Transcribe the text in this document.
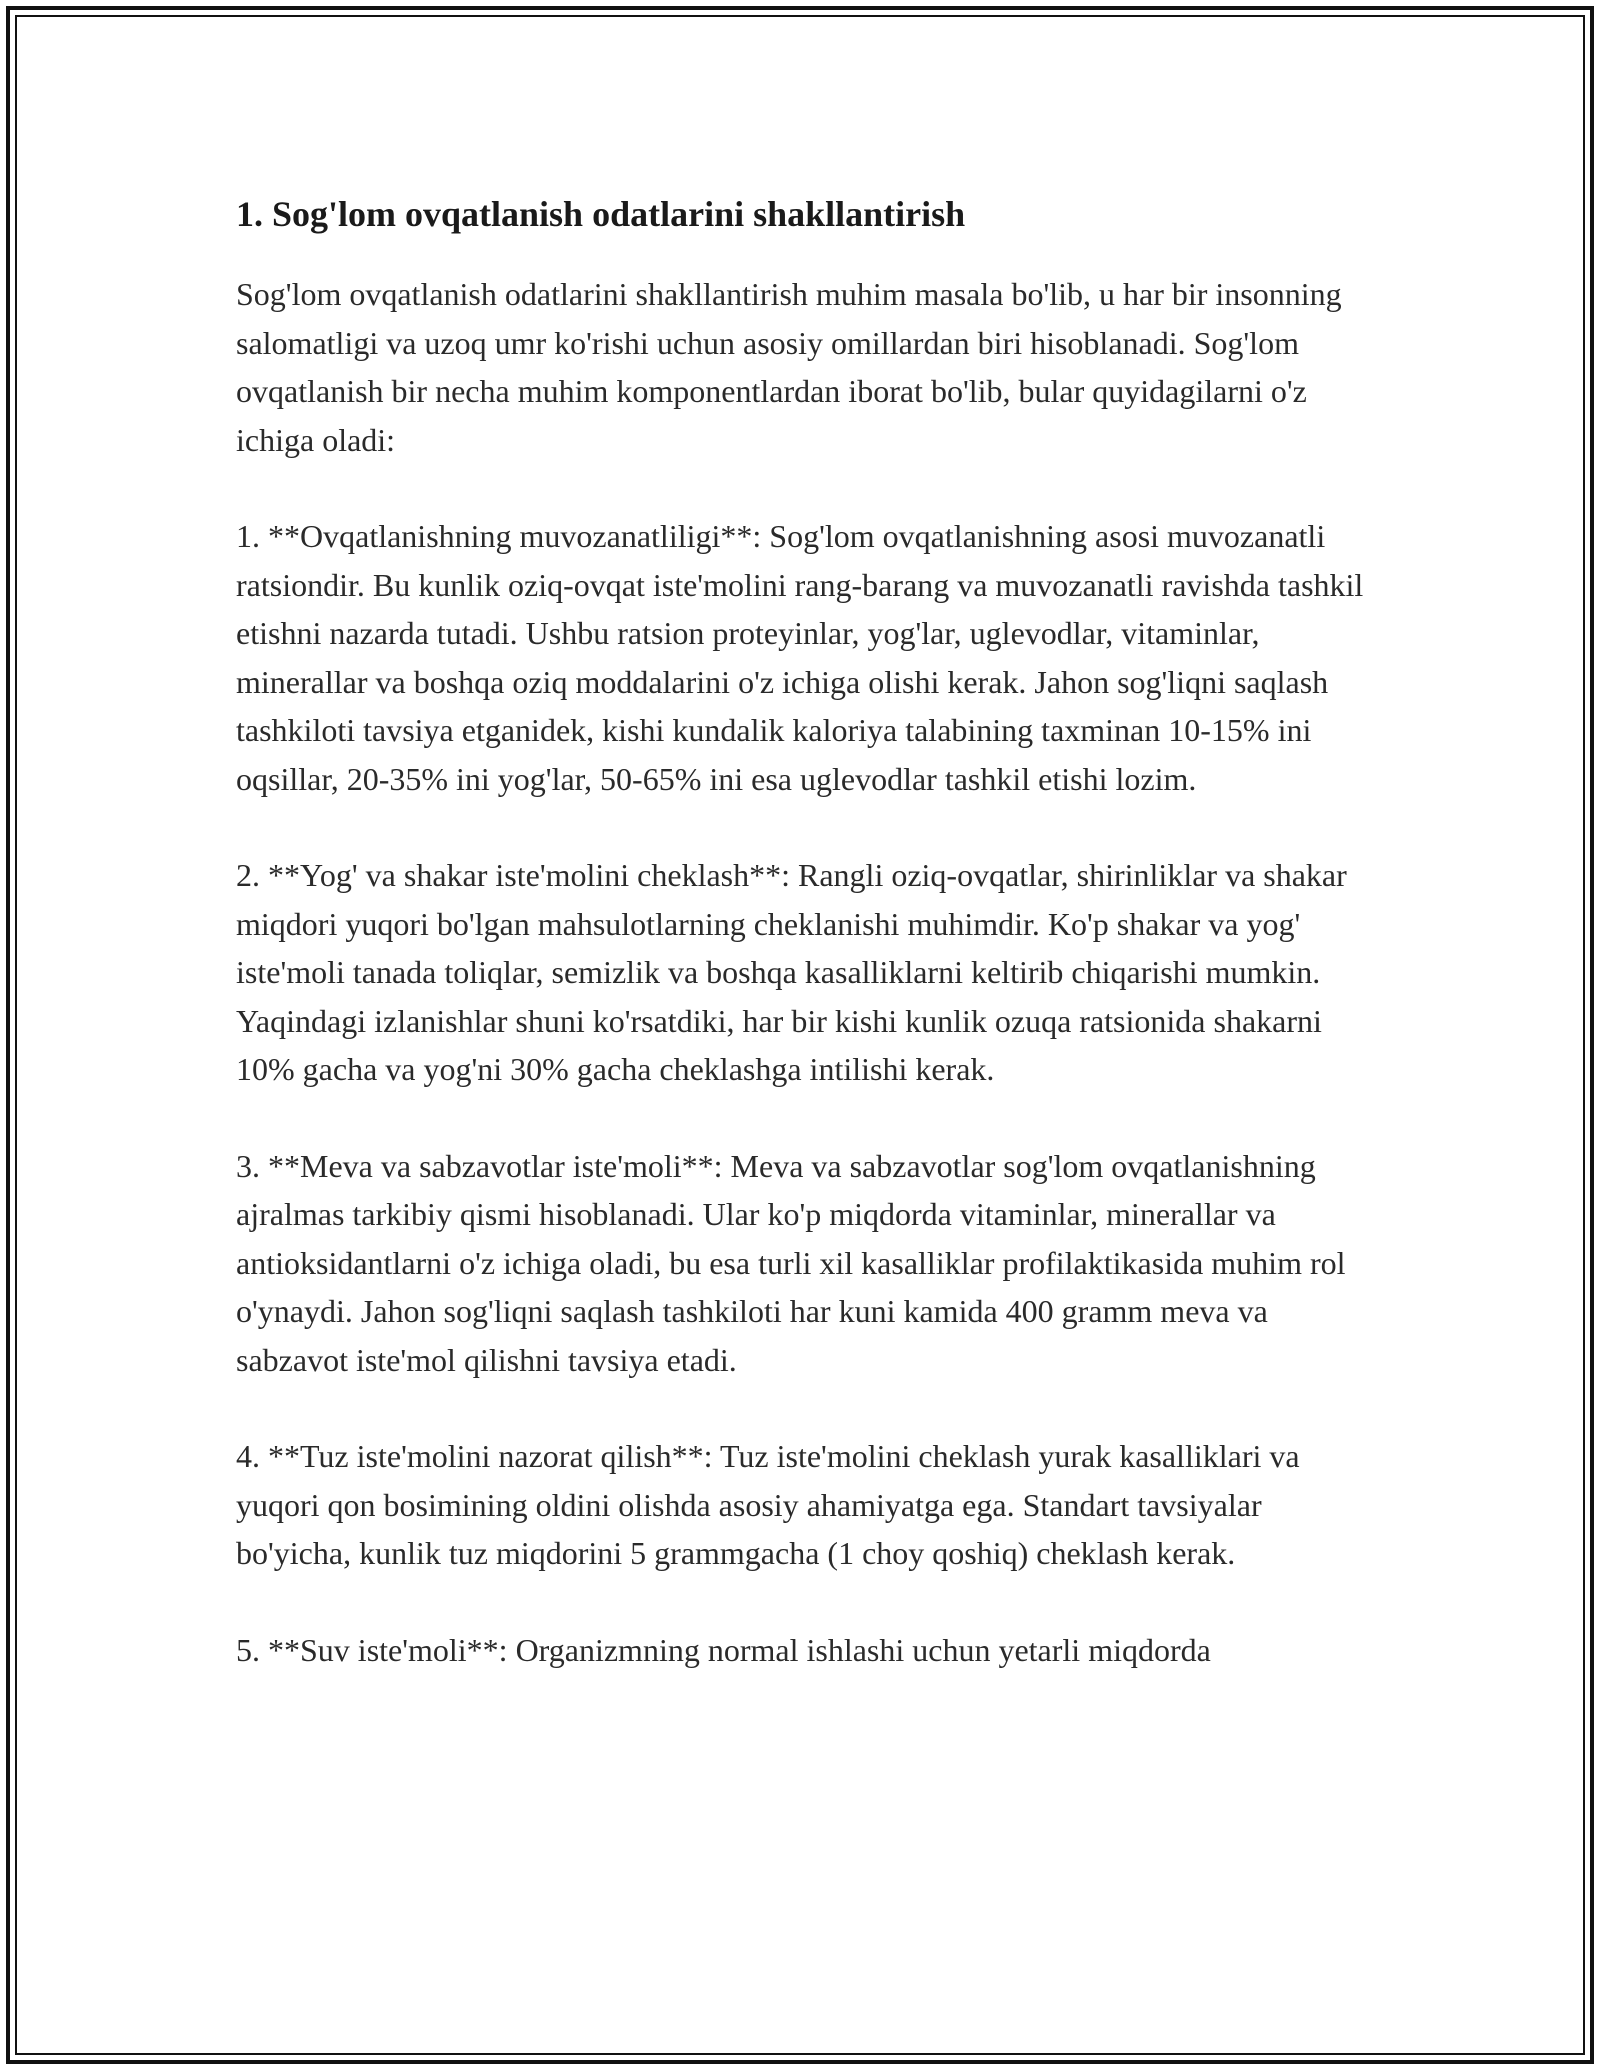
1. Sog'lom ovqatlanish odatlarini shakllantirish

Sog'lom ovqatlanish odatlarini shakllantirish muhim masala bo'lib, u har bir insonning salomatligi va uzoq umr ko'rishi uchun asosiy omillardan biri hisoblanadi. Sog'lom ovqatlanish bir necha muhim komponentlardan iborat bo'lib, bular quyidagilarni o'z ichiga oladi:

1. **Ovqatlanishning muvozanatliligi**: Sog'lom ovqatlanishning asosi muvozanatli ratsiondir. Bu kunlik oziq-ovqat iste'molini rang-barang va muvozanatli ravishda tashkil etishni nazarda tutadi. Ushbu ratsion proteyinlar, yog'lar, uglevodlar, vitaminlar, minerallar va boshqa oziq moddalarini o'z ichiga olishi kerak. Jahon sog'liqni saqlash tashkiloti tavsiya etganidek, kishi kundalik kaloriya talabining taxminan 10-15% ini oqsillar, 20-35% ini yog'lar, 50-65% ini esa uglevodlar tashkil etishi lozim.

2. **Yog' va shakar iste'molini cheklash**: Rangli oziq-ovqatlar, shirinliklar va shakar miqdori yuqori bo'lgan mahsulotlarning cheklanishi muhimdir. Ko'p shakar va yog' iste'moli tanada toliqlar, semizlik va boshqa kasalliklarni keltirib chiqarishi mumkin. Yaqindagi izlanishlar shuni ko'rsatdiki, har bir kishi kunlik ozuqa ratsionida shakarni 10% gacha va yog'ni 30% gacha cheklashga intilishi kerak.

3. **Meva va sabzavotlar iste'moli**: Meva va sabzavotlar sog'lom ovqatlanishning ajralmas tarkibiy qismi hisoblanadi. Ular ko'p miqdorda vitaminlar, minerallar va antioksidantlarni o'z ichiga oladi, bu esa turli xil kasalliklar profilaktikasida muhim rol o'ynaydi. Jahon sog'liqni saqlash tashkiloti har kuni kamida 400 gramm meva va sabzavot iste'mol qilishni tavsiya etadi.

4. **Tuz iste'molini nazorat qilish**: Tuz iste'molini cheklash yurak kasalliklari va yuqori qon bosimining oldini olishda asosiy ahamiyatga ega. Standart tavsiyalar bo'yicha, kunlik tuz miqdorini 5 grammgacha (1 choy qoshiq) cheklash kerak.

5. **Suv iste'moli**: Organizmning normal ishlashi uchun yetarli miqdorda
